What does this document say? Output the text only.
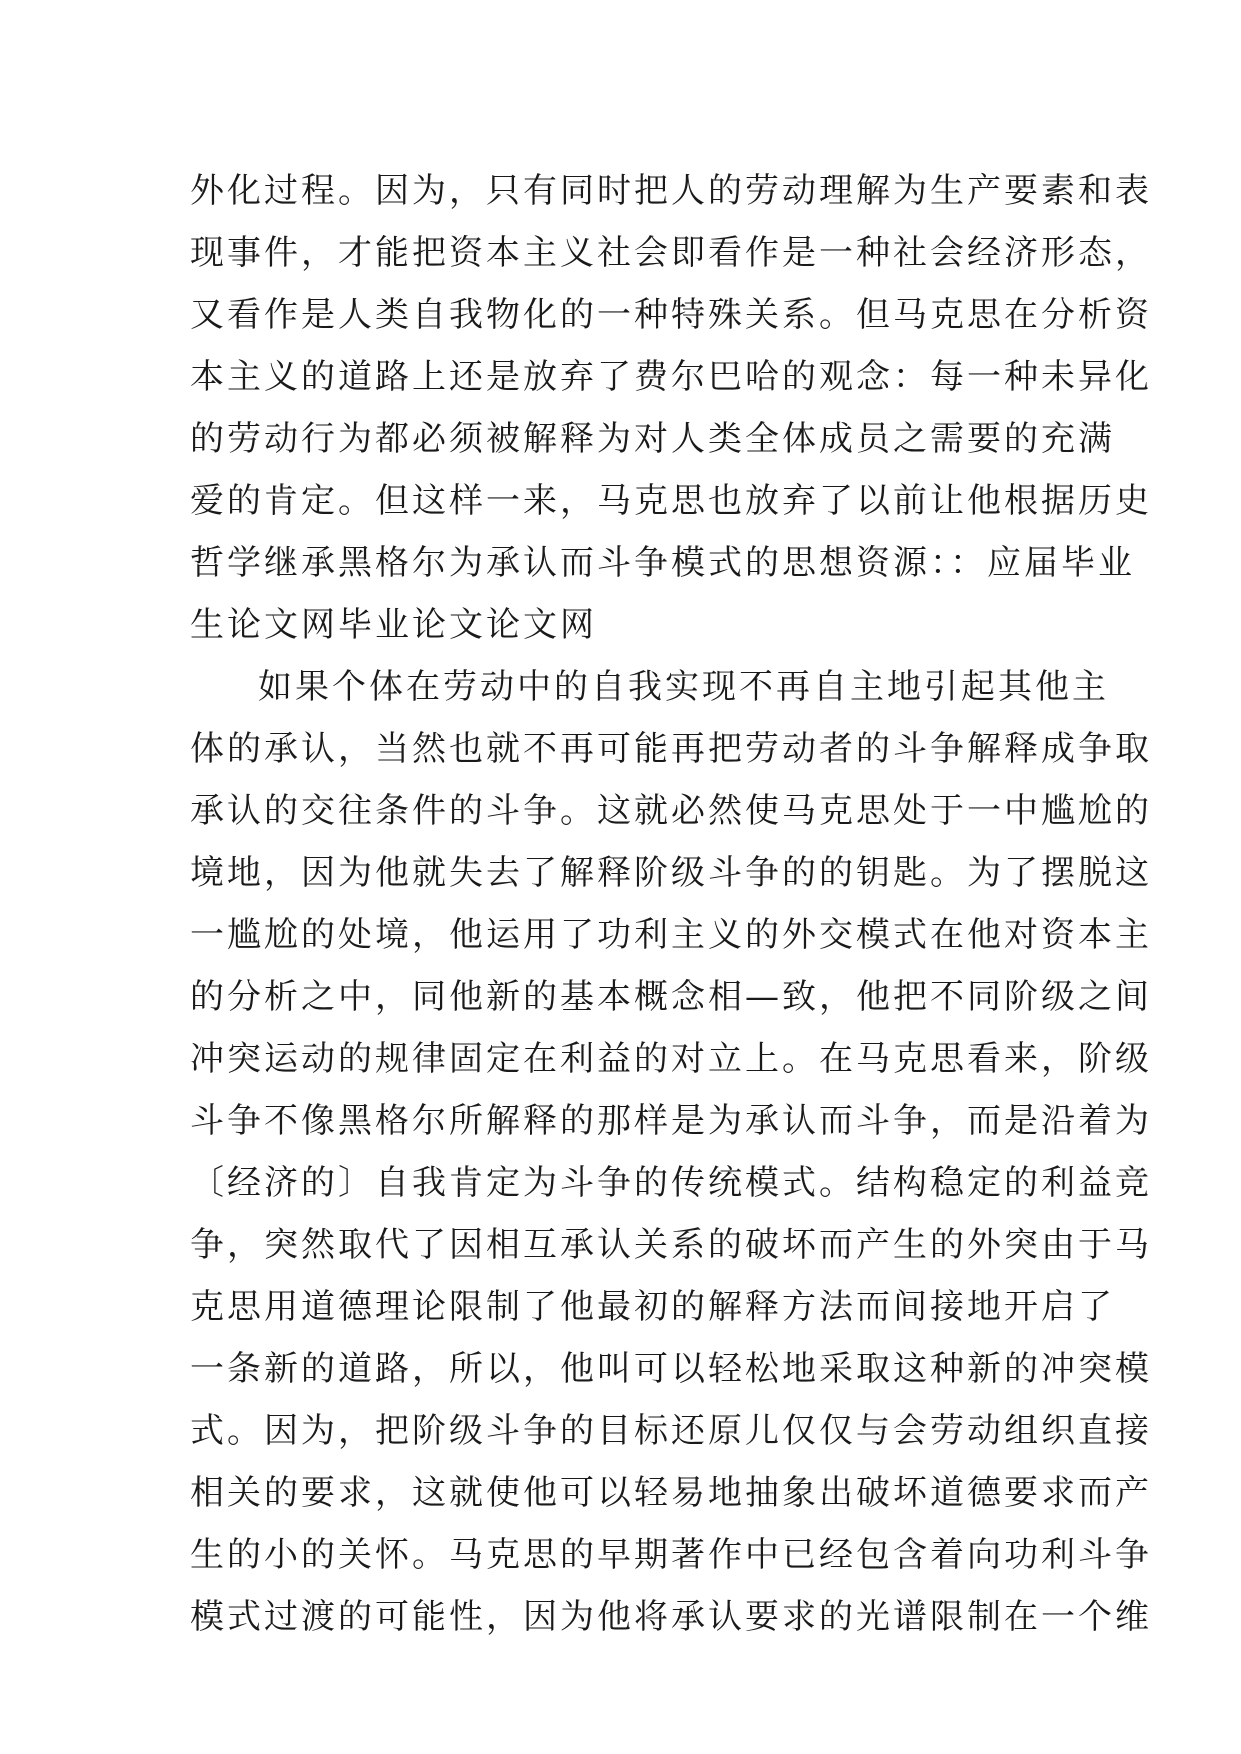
外化过程。因为，只有同时把人的劳动理解为生产要素和表
现事件，才能把资本主义社会即看作是一种社会经济形态，
又看作是人类自我物化的一种特殊关系。但马克思在分析资
本主义的道路上还是放弃了费尔巴哈的观念：每一种未异化
的劳动行为都必须被解释为对人类全体成员之需要的充满
爱的肯定。但这样一来，马克思也放弃了以前让他根据历史
哲学继承黑格尔为承认而斗争模式的思想资源：：应届毕业
生论文网毕业论文论文网
如果个体在劳动中的自我实现不再自主地引起其他主
体的承认，当然也就不再可能再把劳动者的斗争解释成争取
承认的交往条件的斗争。这就必然使马克思处于一中尴尬的
境地，因为他就失去了解释阶级斗争的的钥匙。为了摆脱这
一尴尬的处境，他运用了功利主义的外交模式在他对资本主
的分析之中，同他新的基本概念相—致，他把不同阶级之间
冲突运动的规律固定在利益的对立上。在马克思看来，阶级
斗争不像黑格尔所解释的那样是为承认而斗争，而是沿着为
〔经济的〕自我肯定为斗争的传统模式。结构稳定的利益竞
争，突然取代了因相互承认关系的破坏而产生的外突由于马
克思用道德理论限制了他最初的解释方法而间接地开启了
一条新的道路，所以，他叫可以轻松地采取这种新的冲突模
式。因为，把阶级斗争的目标还原儿仅仅与会劳动组织直接
相关的要求，这就使他可以轻易地抽象出破坏道德要求而产
生的小的关怀。马克思的早期著作中已经包含着向功利斗争
模式过渡的可能性，因为他将承认要求的光谱限制在一个维
